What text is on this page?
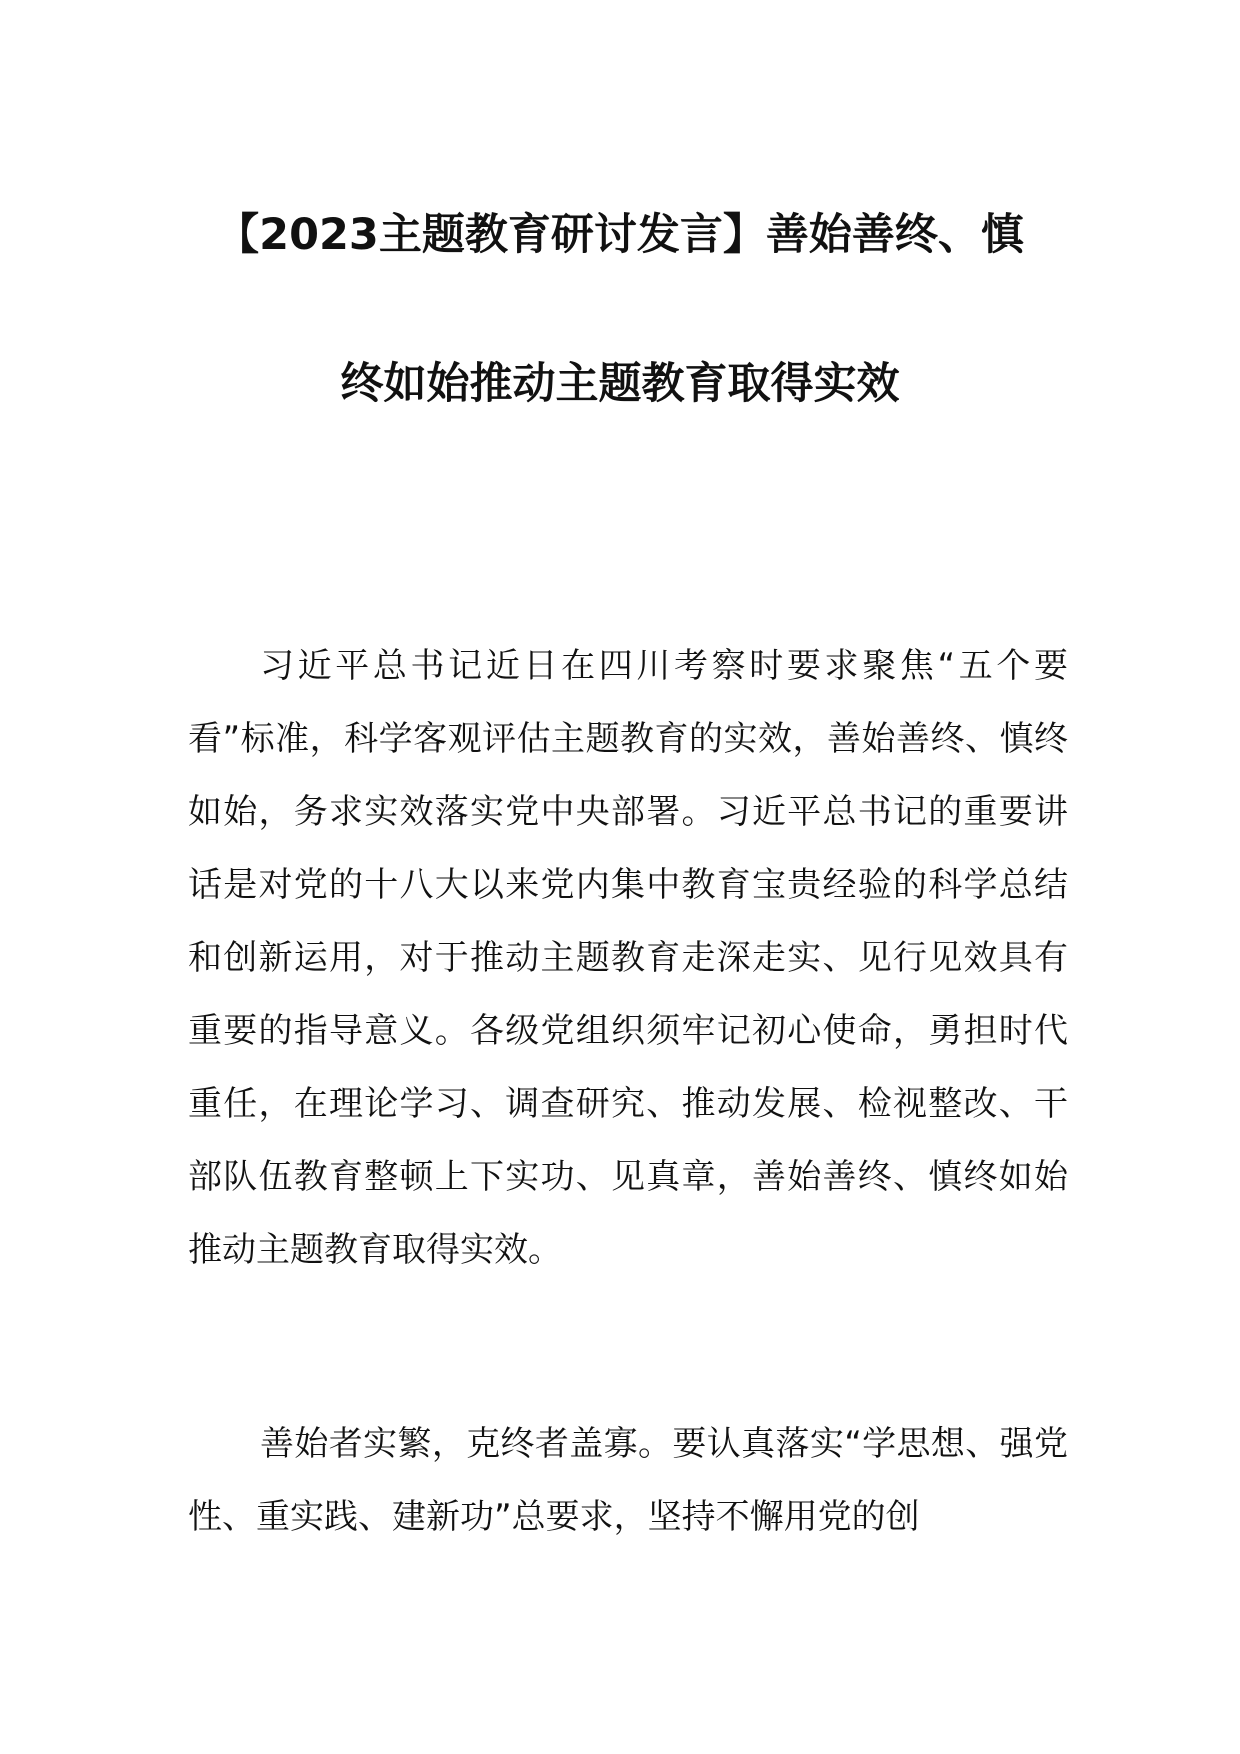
【2023主题教育研讨发言】善始善终、慎
终如始推动主题教育取得实效

习近平总书记近日在四川考察时要求聚焦“五个要看”标准，科学客观评估主题教育的实效，善始善终、慎终如始，务求实效落实党中央部署。习近平总书记的重要讲话是对党的十八大以来党内集中教育宝贵经验的科学总结和创新运用，对于推动主题教育走深走实、见行见效具有重要的指导意义。各级党组织须牢记初心使命，勇担时代重任，在理论学习、调查研究、推动发展、检视整改、干部队伍教育整顿上下实功、见真章，善始善终、慎终如始推动主题教育取得实效。

善始者实繁，克终者盖寡。要认真落实“学思想、强党性、重实践、建新功”总要求，坚持不懈用党的创
